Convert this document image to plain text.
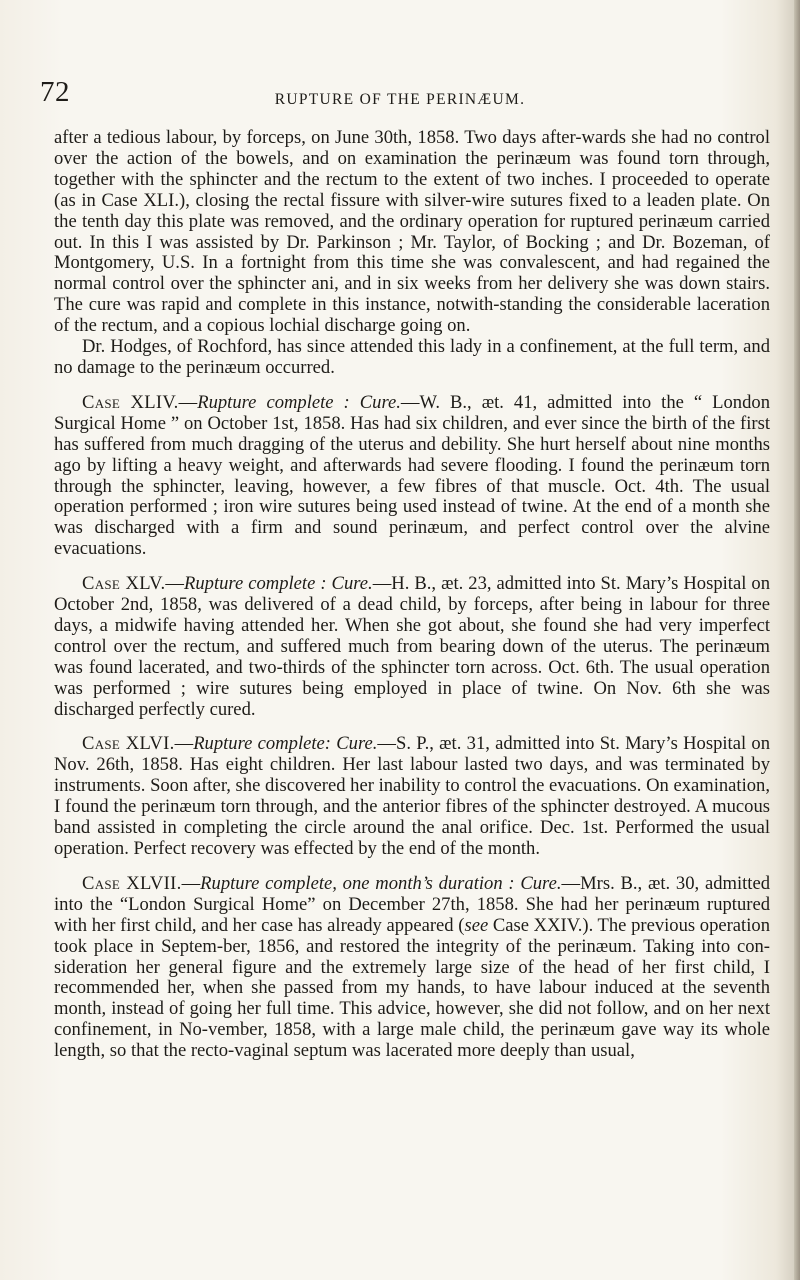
72	RUPTURE OF THE PERINÆUM.

after a tedious labour, by forceps, on June 30th, 1858. Two days after-wards she had no control over the action of the bowels, and on examination the perinæum was found torn through, together with the sphincter and the rectum to the extent of two inches. I proceeded to operate (as in Case XLI.), closing the rectal fissure with silver-wire sutures fixed to a leaden plate. On the tenth day this plate was removed, and the ordinary operation for ruptured perinæum carried out. In this I was assisted by Dr. Parkinson ; Mr. Taylor, of Bocking ; and Dr. Bozeman, of Montgomery, U.S. In a fortnight from this time she was convalescent, and had regained the normal control over the sphincter ani, and in six weeks from her delivery she was down stairs. The cure was rapid and complete in this instance, notwith-standing the considerable laceration of the rectum, and a copious lochial discharge going on.

Dr. Hodges, of Rochford, has since attended this lady in a confinement, at the full term, and no damage to the perinæum occurred.

Case XLIV.—Rupture complete : Cure.—W. B., æt. 41, admitted into the “ London Surgical Home ” on October 1st, 1858. Has had six children, and ever since the birth of the first has suffered from much dragging of the uterus and debility. She hurt herself about nine months ago by lifting a heavy weight, and afterwards had severe flooding. I found the perinæum torn through the sphincter, leaving, however, a few fibres of that muscle. Oct. 4th. The usual operation performed ; iron wire sutures being used instead of twine. At the end of a month she was discharged with a firm and sound perinæum, and perfect control over the alvine evacuations.

Case XLV.—Rupture complete : Cure.—H. B., æt. 23, admitted into St. Mary’s Hospital on October 2nd, 1858, was delivered of a dead child, by forceps, after being in labour for three days, a midwife having attended her. When she got about, she found she had very imperfect control over the rectum, and suffered much from bearing down of the uterus. The perinæum was found lacerated, and two-thirds of the sphincter torn across. Oct. 6th. The usual operation was performed ; wire sutures being employed in place of twine. On Nov. 6th she was discharged perfectly cured.

Case XLVI.—Rupture complete: Cure.—S. P., æt. 31, admitted into St. Mary’s Hospital on Nov. 26th, 1858. Has eight children. Her last labour lasted two days, and was terminated by instruments. Soon after, she discovered her inability to control the evacuations. On examination, I found the perinæum torn through, and the anterior fibres of the sphincter destroyed. A mucous band assisted in completing the circle around the anal orifice. Dec. 1st. Performed the usual operation. Perfect recovery was effected by the end of the month.

Case XLVII.—Rupture complete, one month’s duration : Cure.—Mrs. B., æt. 30, admitted into the “London Surgical Home” on December 27th, 1858. She had her perinæum ruptured with her first child, and her case has already appeared (see Case XXIV.). The previous operation took place in Septem-ber, 1856, and restored the integrity of the perinæum. Taking into con-sideration her general figure and the extremely large size of the head of her first child, I recommended her, when she passed from my hands, to have labour induced at the seventh month, instead of going her full time. This advice, however, she did not follow, and on her next confinement, in No-vember, 1858, with a large male child, the perinæum gave way its whole length, so that the recto-vaginal septum was lacerated more deeply than usual,
